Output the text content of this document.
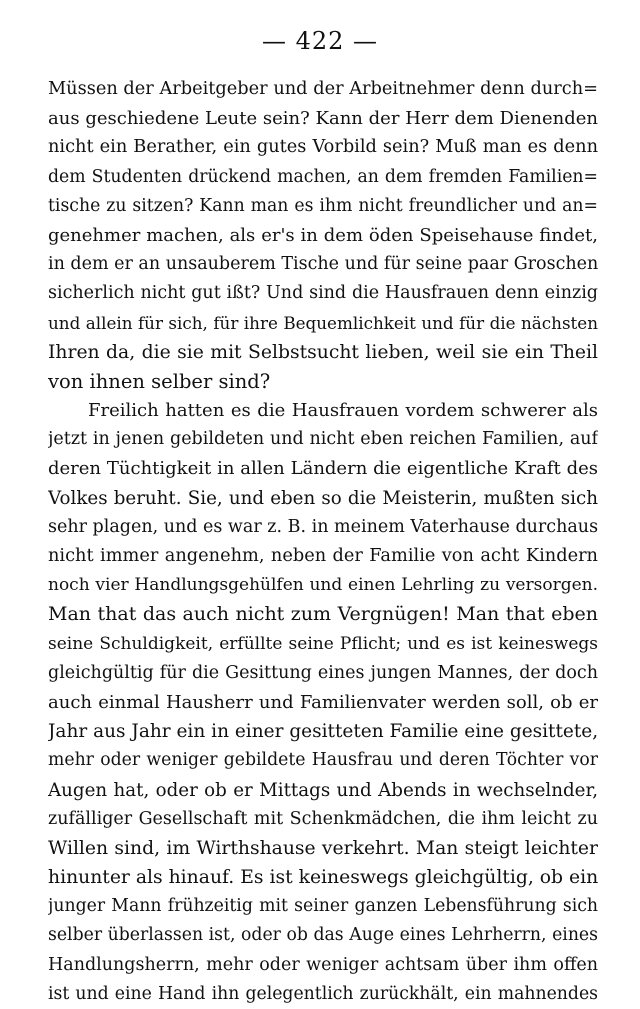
— 422 —
Müssen der Arbeitgeber und der Arbeitnehmer denn durch=
aus geschiedene Leute sein? Kann der Herr dem Dienenden
nicht ein Berather, ein gutes Vorbild sein? Muß man es denn
dem Studenten drückend machen, an dem fremden Familien=
tische zu sitzen? Kann man es ihm nicht freundlicher und an=
genehmer machen, als er's in dem öden Speisehause findet,
in dem er an unsauberem Tische und für seine paar Groschen
sicherlich nicht gut ißt? Und sind die Hausfrauen denn einzig
und allein für sich, für ihre Bequemlichkeit und für die nächsten
Ihren da, die sie mit Selbstsucht lieben, weil sie ein Theil
von ihnen selber sind?
Freilich hatten es die Hausfrauen vordem schwerer als
jetzt in jenen gebildeten und nicht eben reichen Familien, auf
deren Tüchtigkeit in allen Ländern die eigentliche Kraft des
Volkes beruht. Sie, und eben so die Meisterin, mußten sich
sehr plagen, und es war z. B. in meinem Vaterhause durchaus
nicht immer angenehm, neben der Familie von acht Kindern
noch vier Handlungsgehülfen und einen Lehrling zu versorgen.
Man that das auch nicht zum Vergnügen! Man that eben
seine Schuldigkeit, erfüllte seine Pflicht; und es ist keineswegs
gleichgültig für die Gesittung eines jungen Mannes, der doch
auch einmal Hausherr und Familienvater werden soll, ob er
Jahr aus Jahr ein in einer gesitteten Familie eine gesittete,
mehr oder weniger gebildete Hausfrau und deren Töchter vor
Augen hat, oder ob er Mittags und Abends in wechselnder,
zufälliger Gesellschaft mit Schenkmädchen, die ihm leicht zu
Willen sind, im Wirthshause verkehrt. Man steigt leichter
hinunter als hinauf. Es ist keineswegs gleichgültig, ob ein
junger Mann frühzeitig mit seiner ganzen Lebensführung sich
selber überlassen ist, oder ob das Auge eines Lehrherrn, eines
Handlungsherrn, mehr oder weniger achtsam über ihm offen
ist und eine Hand ihn gelegentlich zurückhält, ein mahnendes
